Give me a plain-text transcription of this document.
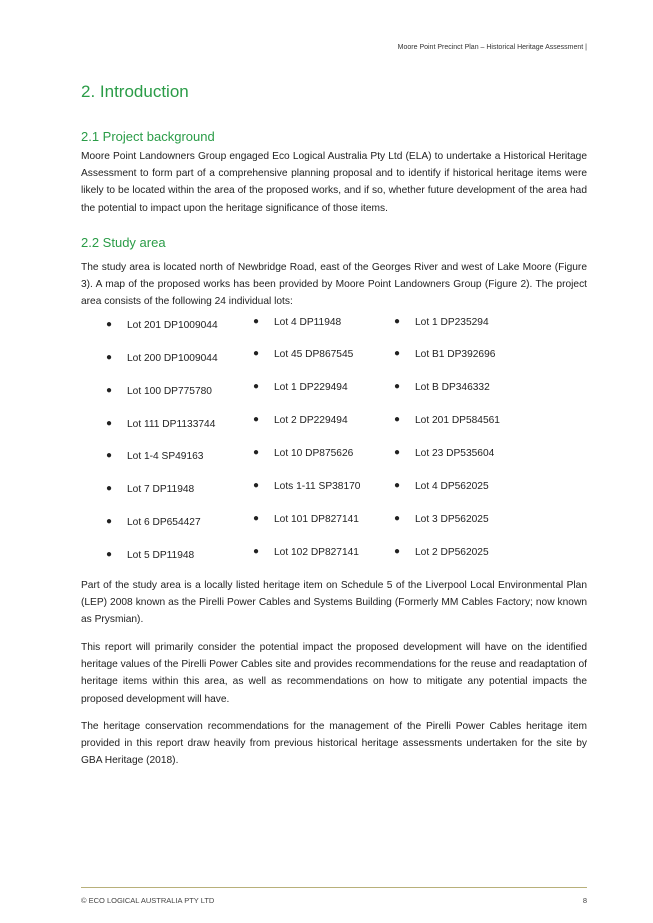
Moore Point Precinct Plan – Historical Heritage Assessment |
2. Introduction
2.1 Project background

Moore Point Landowners Group engaged Eco Logical Australia Pty Ltd (ELA) to undertake a Historical Heritage Assessment to form part of a comprehensive planning proposal and to identify if historical heritage items were likely to be located within the area of the proposed works, and if so, whether future development of the area had the potential to impact upon the heritage significance of those items.

2.2 Study area

The study area is located north of Newbridge Road, east of the Georges River and west of Lake Moore (Figure 3). A map of the proposed works has been provided by Moore Point Landowners Group (Figure 2). The project area consists of the following 24 individual lots:

● Lot 201 DP1009044
● Lot 200 DP1009044
● Lot 100 DP775780
● Lot 111 DP1133744
● Lot 1-4 SP49163
● Lot 7 DP11948
● Lot 6 DP654427
● Lot 5 DP11948
● Lot 4 DP11948
● Lot 45 DP867545
● Lot 1 DP229494
● Lot 2 DP229494
● Lot 10 DP875626
● Lots 1-11 SP38170
● Lot 101 DP827141
● Lot 102 DP827141
● Lot 1 DP235294
● Lot B1 DP392696
● Lot B DP346332
● Lot 201 DP584561
● Lot 23 DP535604
● Lot 4 DP562025
● Lot 3 DP562025
● Lot 2 DP562025

Part of the study area is a locally listed heritage item on Schedule 5 of the Liverpool Local Environmental Plan (LEP) 2008 known as the Pirelli Power Cables and Systems Building (Formerly MM Cables Factory; now known as Prysmian).

This report will primarily consider the potential impact the proposed development will have on the identified heritage values of the Pirelli Power Cables site and provides recommendations for the reuse and readaptation of heritage items within this area, as well as recommendations on how to mitigate any potential impacts the proposed development will have.

The heritage conservation recommendations for the management of the Pirelli Power Cables heritage item provided in this report draw heavily from previous historical heritage assessments undertaken for the site by GBA Heritage (2018).

© ECO LOGICAL AUSTRALIA PTY LTD	8
